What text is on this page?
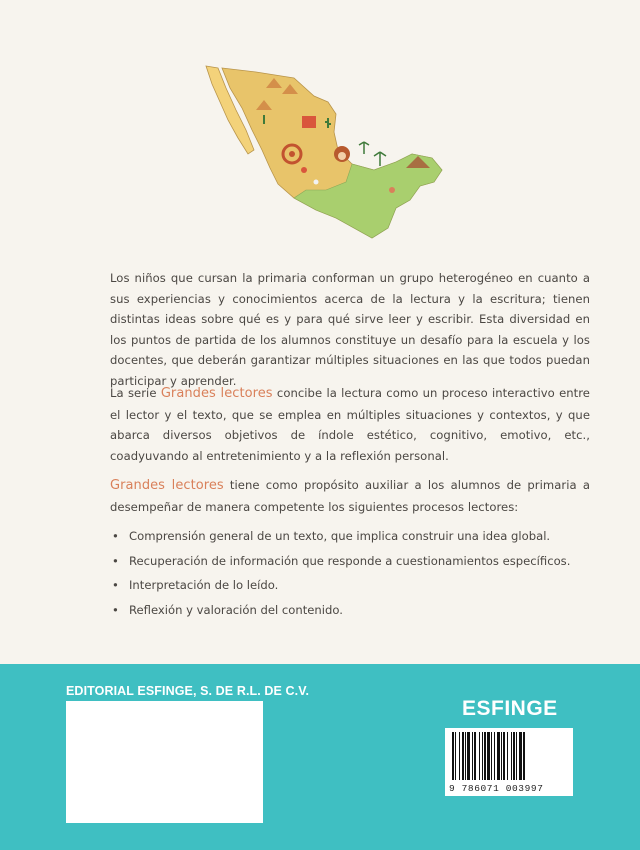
Los niños que cursan la primaria conforman un grupo heterogéneo en cuanto a sus experiencias y conocimientos acerca de la lectura y la escritura; tienen distintas ideas sobre qué es y para qué sirve leer y escribir. Esta diversidad en los puntos de partida de los alumnos constituye un desafío para la escuela y los docentes, que deberán garantizar múltiples situaciones en las que todos puedan participar y aprender.
La serie Grandes lectores concibe la lectura como un proceso interactivo entre el lector y el texto, que se emplea en múltiples situaciones y contextos, y que abarca diversos objetivos de índole estético, cognitivo, emotivo, etc., coadyuvando al entretenimiento y a la reflexión personal.
Grandes lectores tiene como propósito auxiliar a los alumnos de primaria a desempeñar de manera competente los siguientes procesos lectores:
• Comprensión general de un texto, que implica construir una idea global.
• Recuperación de información que responde a cuestionamientos específicos.
• Interpretación de lo leído.
• Reflexión y valoración del contenido.
EDITORIAL ESFINGE, S. DE R.L. DE C.V.
ESFINGE
9 786071 003997
